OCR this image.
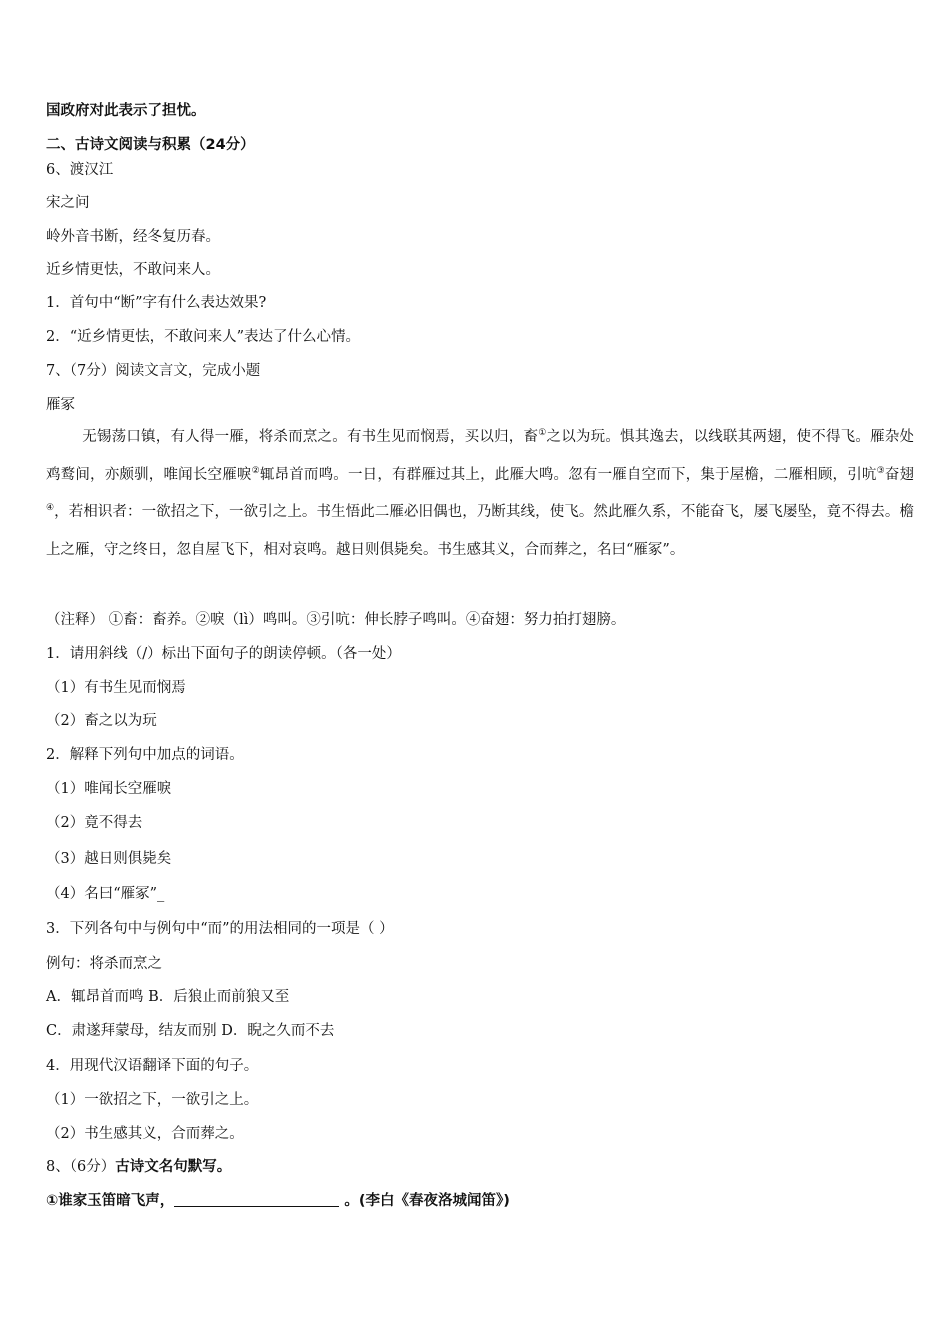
国政府对此表示了担忧。
二、古诗文阅读与积累（24分）
6、渡汉江
宋之问
岭外音书断，经冬复历春。
近乡情更怯，不敢问来人。
1．首句中“断”字有什么表达效果?
2．“近乡情更怯，不敢问来人”表达了什么心情。
7、（7分）阅读文言文，完成小题
雁冢
无锡荡口镇，有人得一雁，将杀而烹之。有书生见而悯焉，买以归，畜①之以为玩。惧其逸去，以线联其两翅，使不得飞。雁杂处鸡鹜间，亦颇驯，唯闻长空雁唳②辄昂首而鸣。一日，有群雁过其上，此雁大鸣。忽有一雁自空而下，集于屋檐，二雁相顾，引吭③奋翅④，若相识者：一欲招之下，一欲引之上。书生悟此二雁必旧偶也，乃断其线，使飞。然此雁久系，不能奋飞，屡飞屡坠，竟不得去。檐上之雁，守之终日，忽自屋飞下，相对哀鸣。越日则俱毙矣。书生感其义，合而葬之，名曰“雁冢”。
（注释） ①畜：畜养。②唳（lì）鸣叫。③引吭：伸长脖子鸣叫。④奋翅：努力拍打翅膀。
1．请用斜线（/）标出下面句子的朗读停顿。（各一处）
（1）有书生见而悯焉
（2）畜之以为玩
2．解释下列句中加点的词语。
（1）唯闻长空雁唳
（2）竟不得去
（3）越日则俱毙矣
（4）名曰“雁冢”_
3．下列各句中与例句中“而”的用法相同的一项是（ ）
例句：将杀而烹之
A．辄昂首而鸣 B．后狼止而前狼又至
C．肃遂拜蒙母，结友而别 D．睨之久而不去
4．用现代汉语翻译下面的句子。
（1）一欲招之下，一欲引之上。
（2）书生感其义，合而葬之。
8、（6分）古诗文名句默写。
①谁家玉笛暗飞声，	。(李白《春夜洛城闻笛》)
